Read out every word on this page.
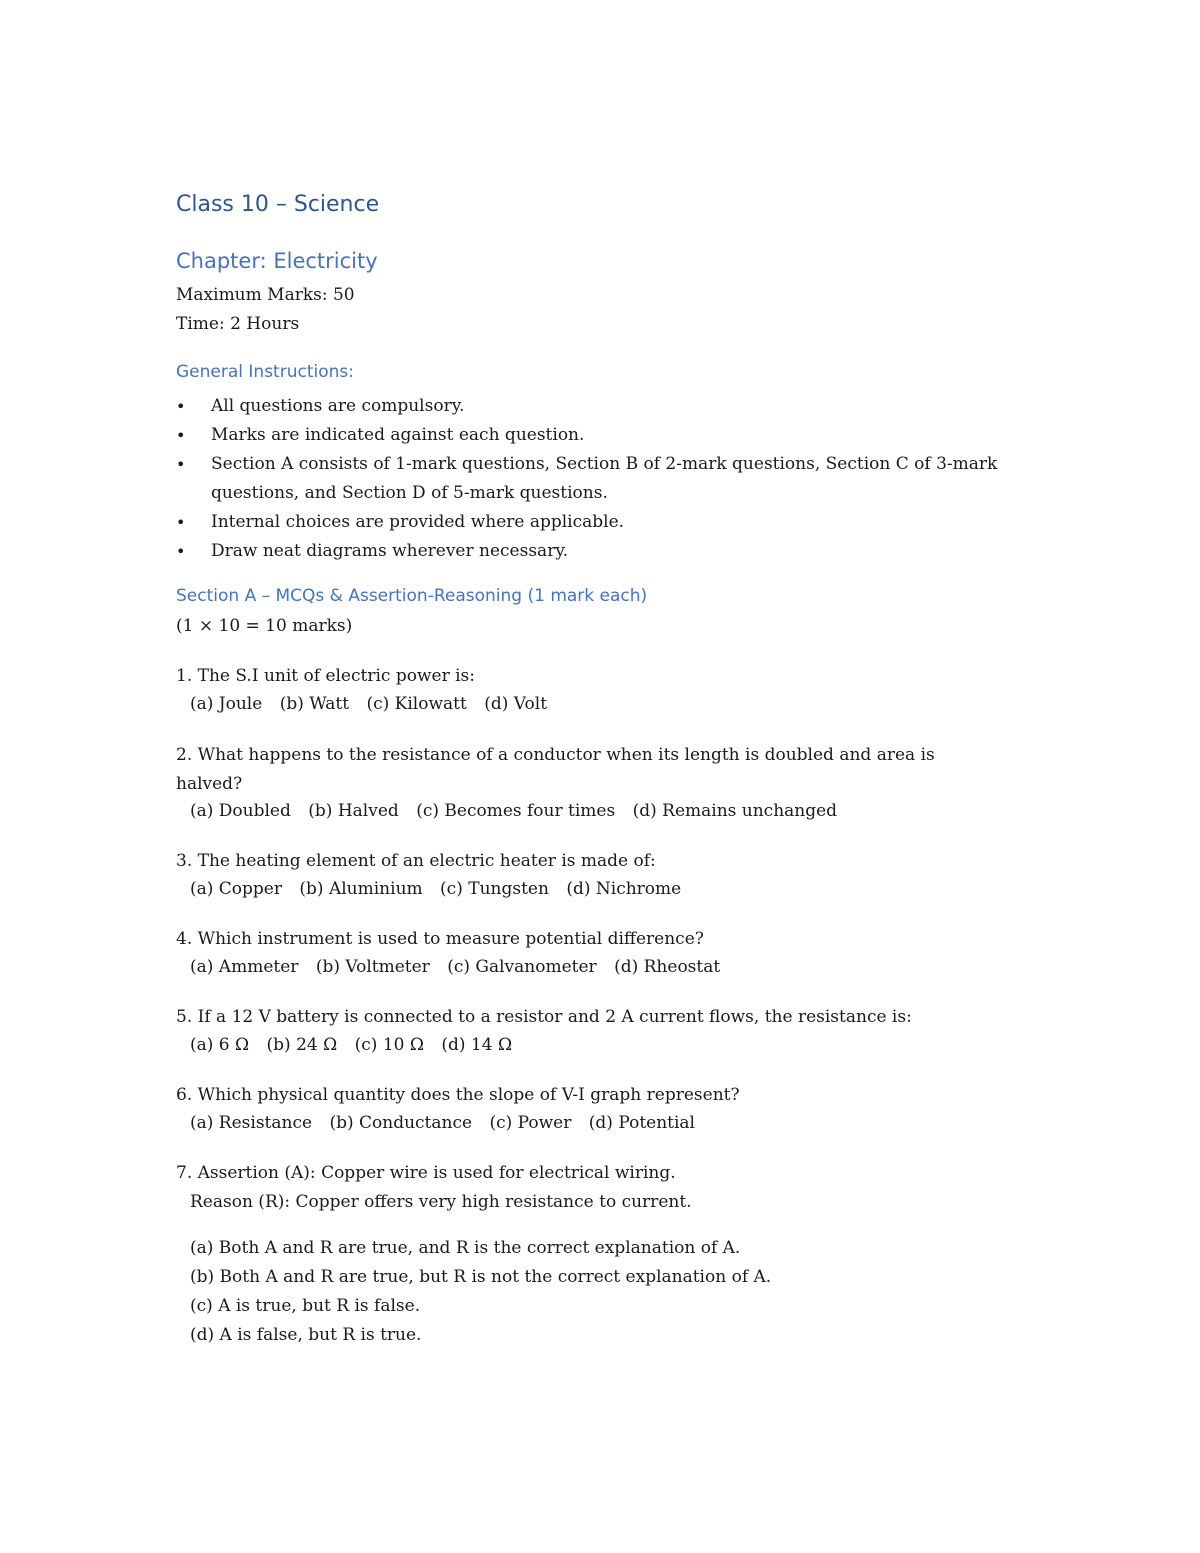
Class 10 – Science
Chapter: Electricity

Maximum Marks: 50

Time: 2 Hours

General Instructions:
• All questions are compulsory.
• Marks are indicated against each question.
• Section A consists of 1-mark questions, Section B of 2-mark questions, Section C of 3-mark questions, and Section D of 5-mark questions.
• Internal choices are provided where applicable.
• Draw neat diagrams wherever necessary.
Section A – MCQs & Assertion-Reasoning (1 mark each)

(1 × 10 = 10 marks)

1. The S.I unit of electric power is:

(a) Joule (b) Watt (c) Kilowatt (d) Volt

2. What happens to the resistance of a conductor when its length is doubled and area is halved?

(a) Doubled (b) Halved (c) Becomes four times (d) Remains unchanged

3. The heating element of an electric heater is made of:

(a) Copper (b) Aluminium (c) Tungsten (d) Nichrome

4. Which instrument is used to measure potential difference?

(a) Ammeter (b) Voltmeter (c) Galvanometer (d) Rheostat

5. If a 12 V battery is connected to a resistor and 2 A current flows, the resistance is:

(a) 6 Ω (b) 24 Ω (c) 10 Ω (d) 14 Ω

6. Which physical quantity does the slope of V-I graph represent?

(a) Resistance (b) Conductance (c) Power (d) Potential

7. Assertion (A): Copper wire is used for electrical wiring.

Reason (R): Copper offers very high resistance to current.

(a) Both A and R are true, and R is the correct explanation of A.

(b) Both A and R are true, but R is not the correct explanation of A.

(c) A is true, but R is false.

(d) A is false, but R is true.
